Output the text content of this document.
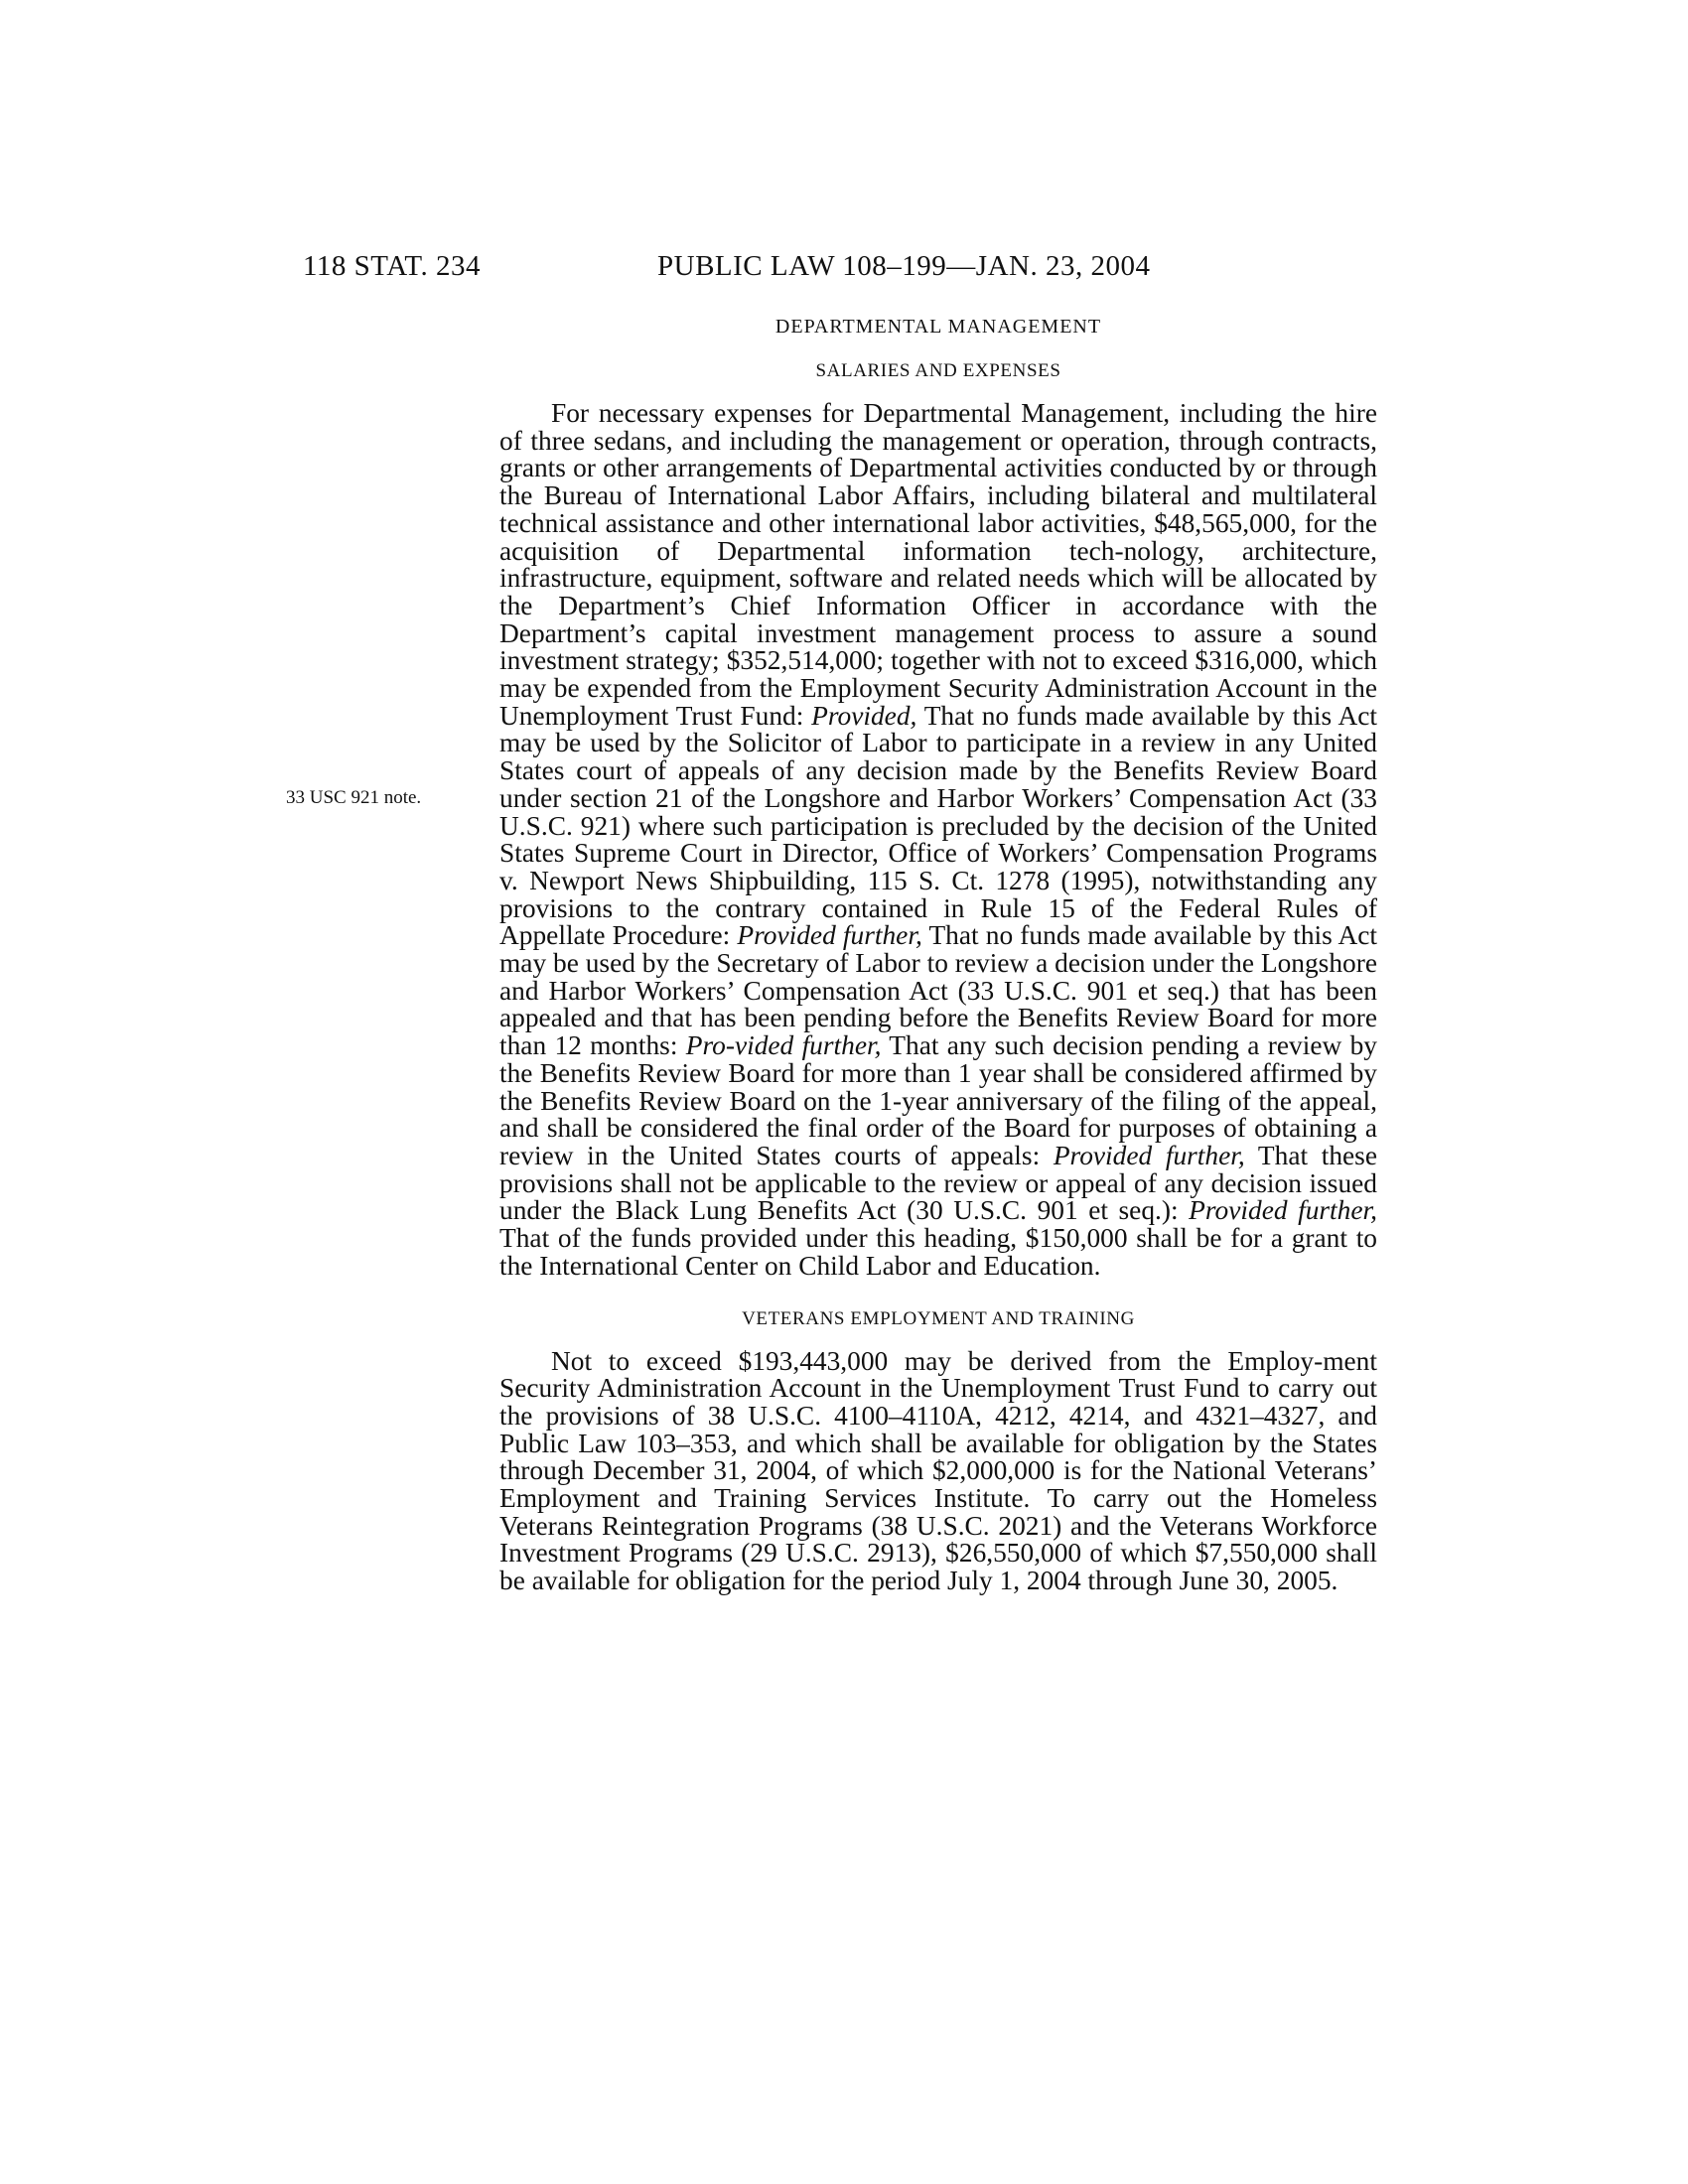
118 STAT. 234	PUBLIC LAW 108–199—JAN. 23, 2004
33 USC 921 note.
DEPARTMENTAL MANAGEMENT
SALARIES AND EXPENSES

For necessary expenses for Departmental Management, including the hire of three sedans, and including the management or operation, through contracts, grants or other arrangements of Departmental activities conducted by or through the Bureau of International Labor Affairs, including bilateral and multilateral technical assistance and other international labor activities, $48,565,000, for the acquisition of Departmental information tech-nology, architecture, infrastructure, equipment, software and related needs which will be allocated by the Department’s Chief Information Officer in accordance with the Department’s capital investment management process to assure a sound investment strategy; $352,514,000; together with not to exceed $316,000, which may be expended from the Employment Security Administration Account in the Unemployment Trust Fund: Provided, That no funds made available by this Act may be used by the Solicitor of Labor to participate in a review in any United States court of appeals of any decision made by the Benefits Review Board under section 21 of the Longshore and Harbor Workers’ Compensation Act (33 U.S.C. 921) where such participation is precluded by the decision of the United States Supreme Court in Director, Office of Workers’ Compensation Programs v. Newport News Shipbuilding, 115 S. Ct. 1278 (1995), notwithstanding any provisions to the contrary contained in Rule 15 of the Federal Rules of Appellate Procedure: Provided further, That no funds made available by this Act may be used by the Secretary of Labor to review a decision under the Longshore and Harbor Workers’ Compensation Act (33 U.S.C. 901 et seq.) that has been appealed and that has been pending before the Benefits Review Board for more than 12 months: Pro-vided further, That any such decision pending a review by the Benefits Review Board for more than 1 year shall be considered affirmed by the Benefits Review Board on the 1-year anniversary of the filing of the appeal, and shall be considered the final order of the Board for purposes of obtaining a review in the United States courts of appeals: Provided further, That these provisions shall not be applicable to the review or appeal of any decision issued under the Black Lung Benefits Act (30 U.S.C. 901 et seq.): Provided further, That of the funds provided under this heading, $150,000 shall be for a grant to the International Center on Child Labor and Education.

VETERANS EMPLOYMENT AND TRAINING

Not to exceed $193,443,000 may be derived from the Employ-ment Security Administration Account in the Unemployment Trust Fund to carry out the provisions of 38 U.S.C. 4100–4110A, 4212, 4214, and 4321–4327, and Public Law 103–353, and which shall be available for obligation by the States through December 31, 2004, of which $2,000,000 is for the National Veterans’ Employment and Training Services Institute. To carry out the Homeless Veterans Reintegration Programs (38 U.S.C. 2021) and the Veterans Workforce Investment Programs (29 U.S.C. 2913), $26,550,000 of which $7,550,000 shall be available for obligation for the period July 1, 2004 through June 30, 2005.
